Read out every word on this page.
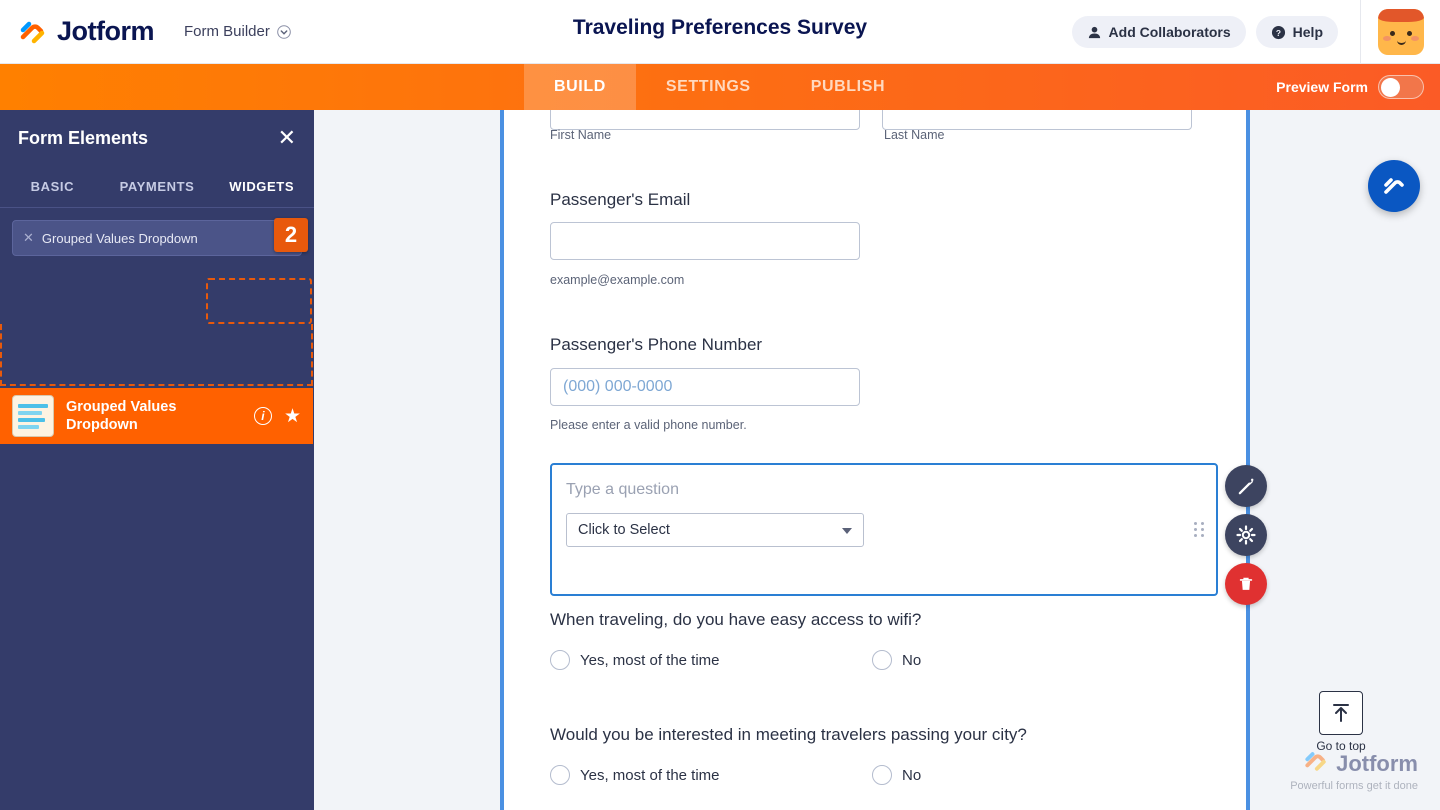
Jotform Form Builder	Traveling Preferences Survey	Add Collaborators	? Help
BUILD	SETTINGS	PUBLISH	Preview Form
Form Elements	✕
BASIC	PAYMENTS	WIDGETS
✕ Grouped Values Dropdown	2
Grouped Values Dropdown
i	★
First Name	Last Name
Passenger's Email
example@example.com
Passenger's Phone Number
(000) 000-0000
Please enter a valid phone number.
Type a question
Click to Select
When traveling, do you have easy access to wifi?
Yes, most of the time	No
Would you be interested in meeting travelers passing your city?
Yes, most of the time	No
Go to top
Jotform
Powerful forms get it done
